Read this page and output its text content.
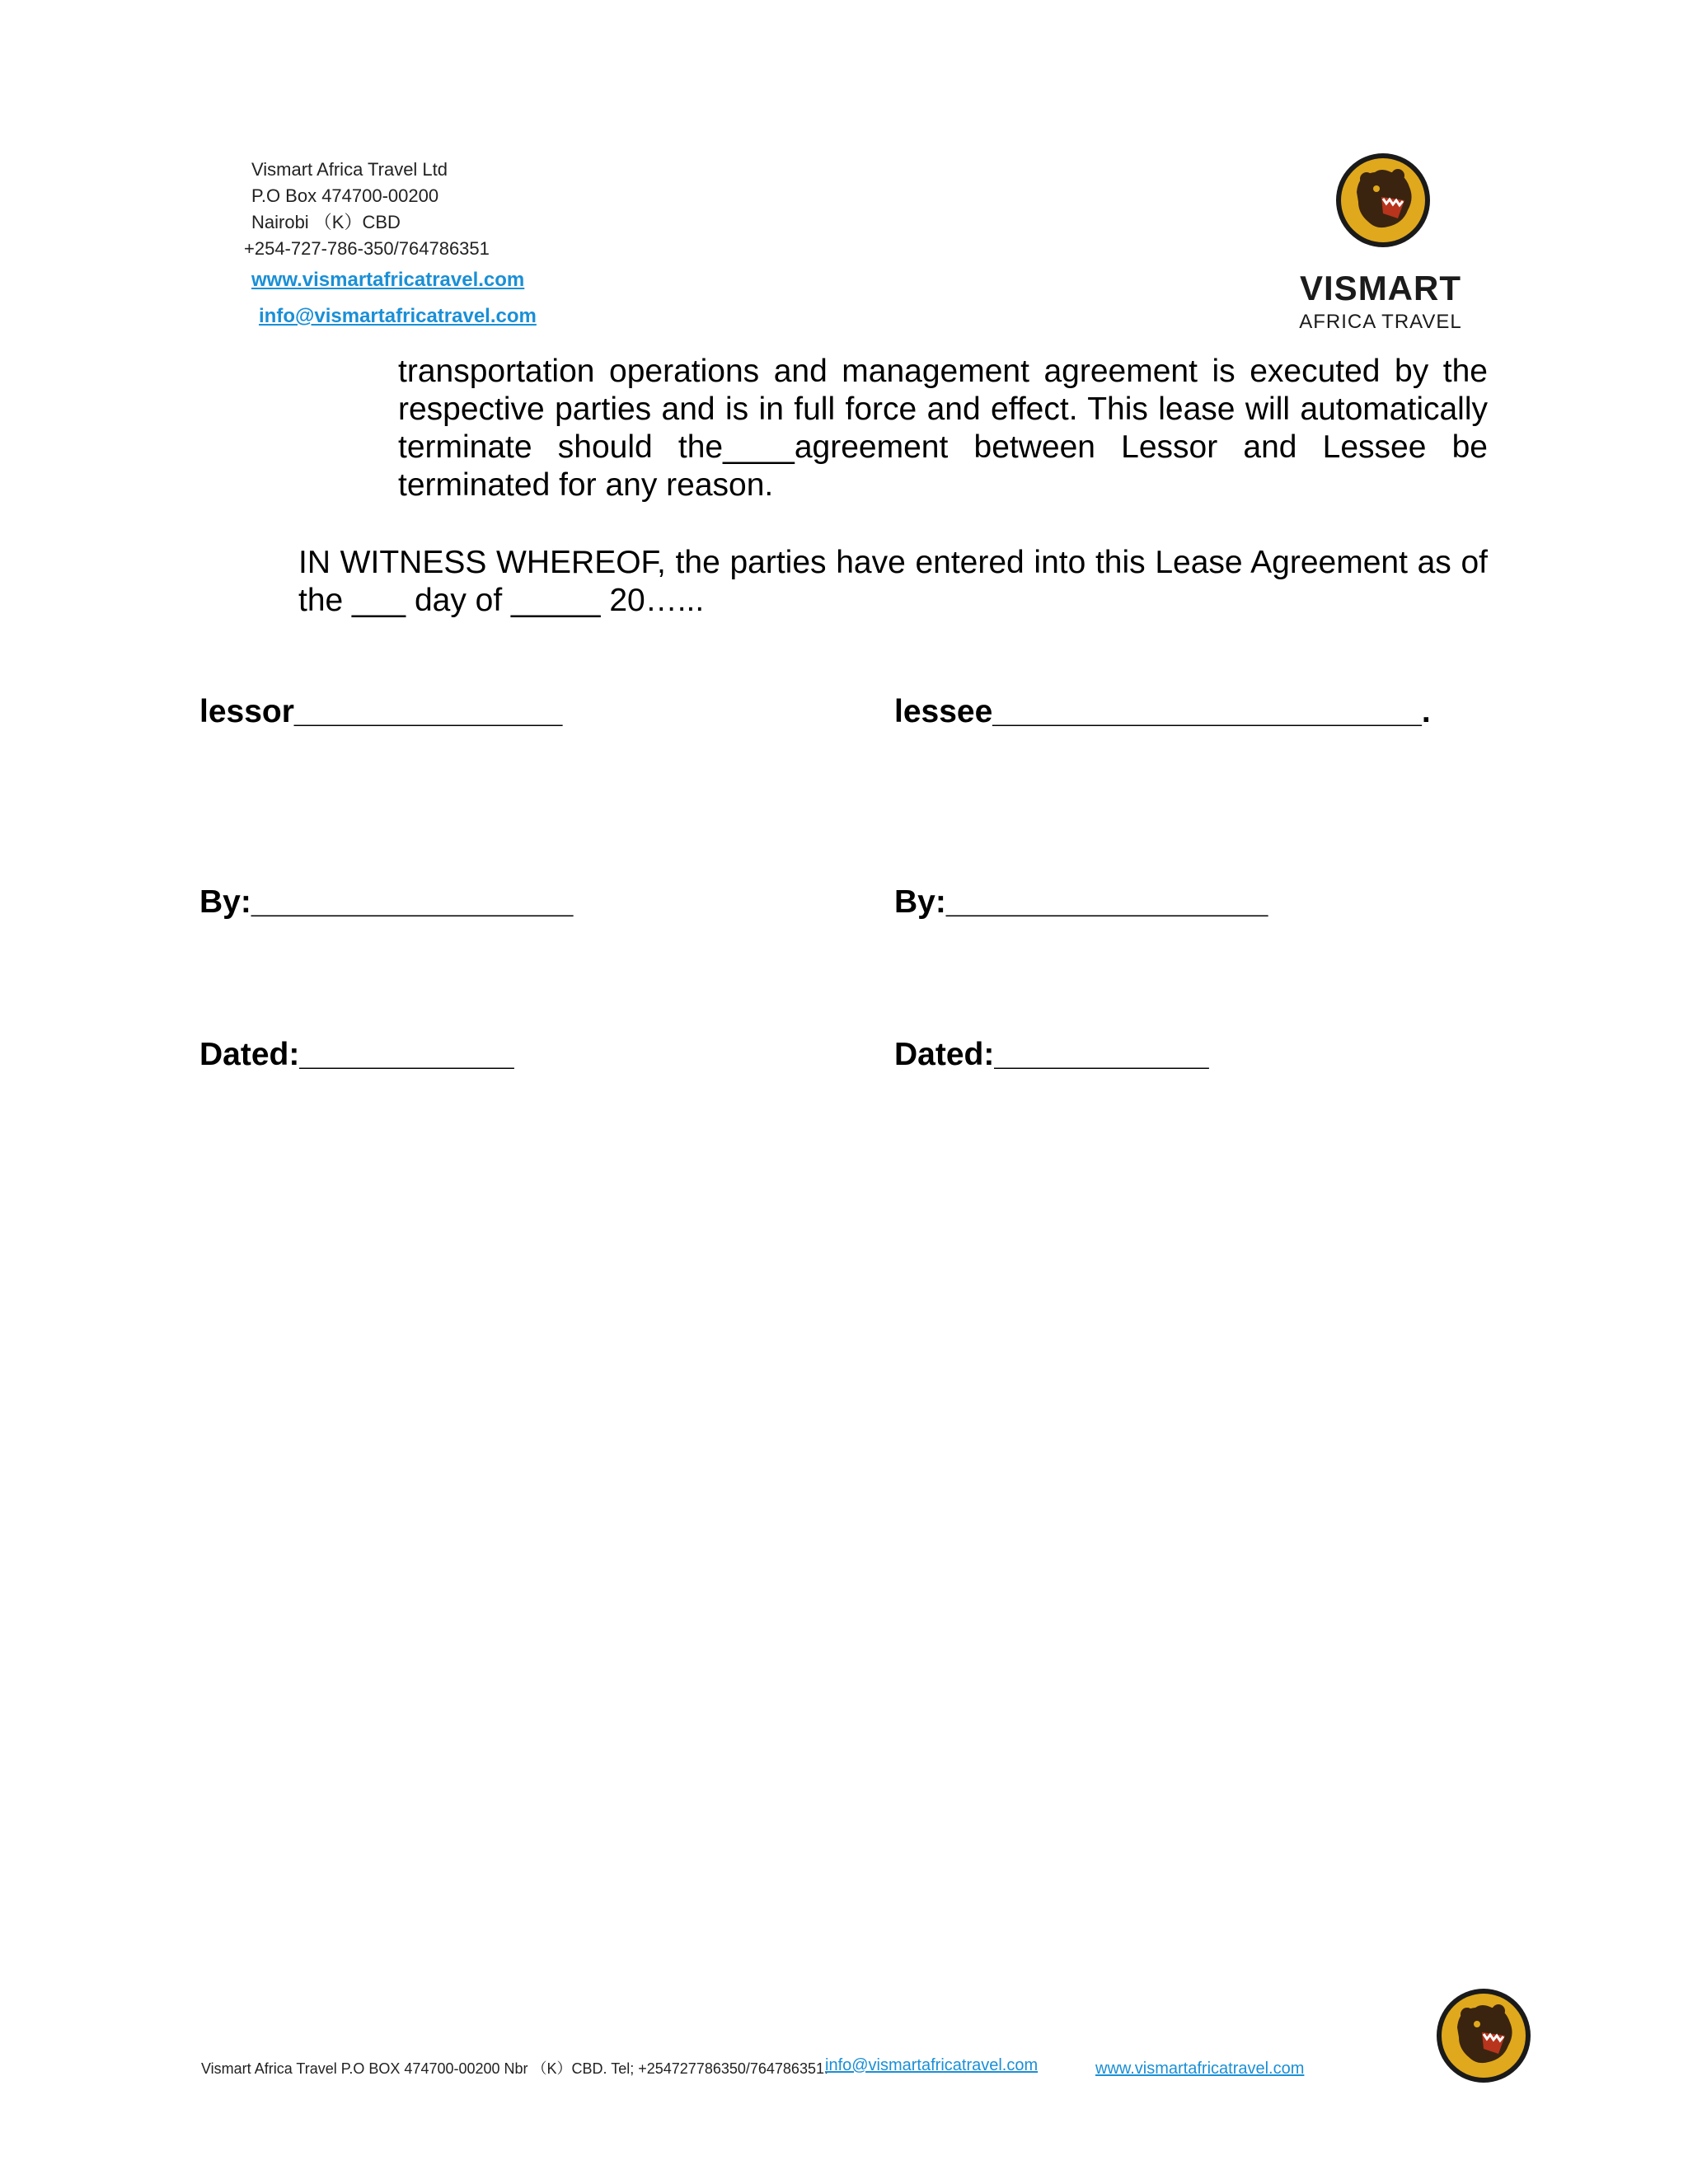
Vismart Africa Travel Ltd
P.O Box 474700-00200
Nairobi （K）CBD
+254-727-786-350/764786351
www.vismartafricatravel.com
info@vismartafricatravel.com
VISMART
AFRICA TRAVEL
transportation operations and management agreement is executed by the respective parties and is in full force and effect. This lease will automatically terminate should the____agreement between Lessor and Lessee be terminated for any reason.
IN WITNESS WHEREOF, the parties have entered into this Lease Agreement as of the ___ day of _____ 20…...
lessor_______________	lessee________________________.
By:__________________	By:__________________
Dated:____________	Dated:____________
Vismart Africa Travel P.O BOX 474700-00200 Nbr （K）CBD. Tel; +254727786350/764786351.
info@vismartafricatravel.com	www.vismartafricatravel.com
